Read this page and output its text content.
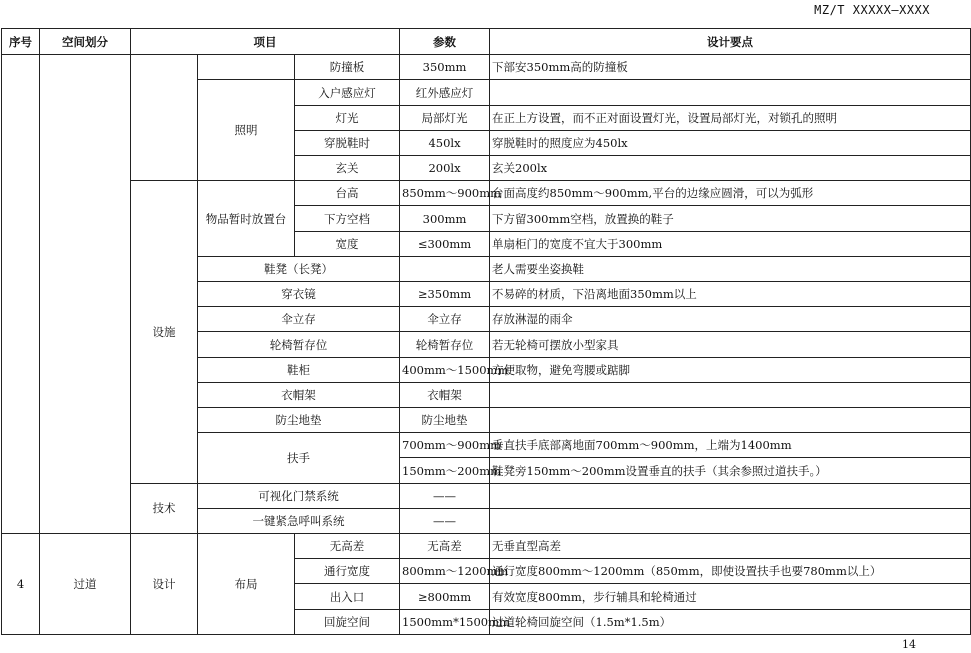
MZ/T XXXXX—XXXX
序号	空间划分	项目			参数	设计要点
				防撞板	350mm	下部安350mm高的防撞板
			照明	入户感应灯	红外感应灯	
				灯光	局部灯光	在正上方设置，而不正对面设置灯光，设置局部灯光，对锁孔的照明
				穿脱鞋时	450lx	穿脱鞋时的照度应为450lx
				玄关	200lx	玄关200lx
		设施	物品暂时放置台	台高	850mm～900mm	台面高度约850mm～900mm,平台的边缘应圆滑，可以为弧形
				下方空档	300mm	下方留300mm空档，放置换的鞋子
				宽度	≤300mm	单扇柜门的宽度不宜大于300mm
			鞋凳（长凳）			老人需要坐姿换鞋
			穿衣镜		≥350mm	不易碎的材质，下沿离地面350mm以上
			伞立存		伞立存	存放淋湿的雨伞
			轮椅暂存位		轮椅暂存位	若无轮椅可摆放小型家具
			鞋柜		400mm～1500mm	方便取物，避免弯腰或踮脚
			衣帽架		衣帽架	
			防尘地垫		防尘地垫	
			扶手		700mm～900mm	垂直扶手底部离地面700mm～900mm，上端为1400mm
					150mm～200mm	鞋凳旁150mm～200mm设置垂直的扶手（其余参照过道扶手。）
		技术	可视化门禁系统		——	
			一键紧急呼叫系统		——	
4	过道	设计	布局	无高差	无高差	无垂直型高差
				通行宽度	800mm～1200mm	通行宽度800mm～1200mm（850mm，即使设置扶手也要780mm以上）
				出入口	≥800mm	有效宽度800mm，步行辅具和轮椅通过
				回旋空间	1500mm*1500mm	过道轮椅回旋空间（1.5m*1.5m）
14
